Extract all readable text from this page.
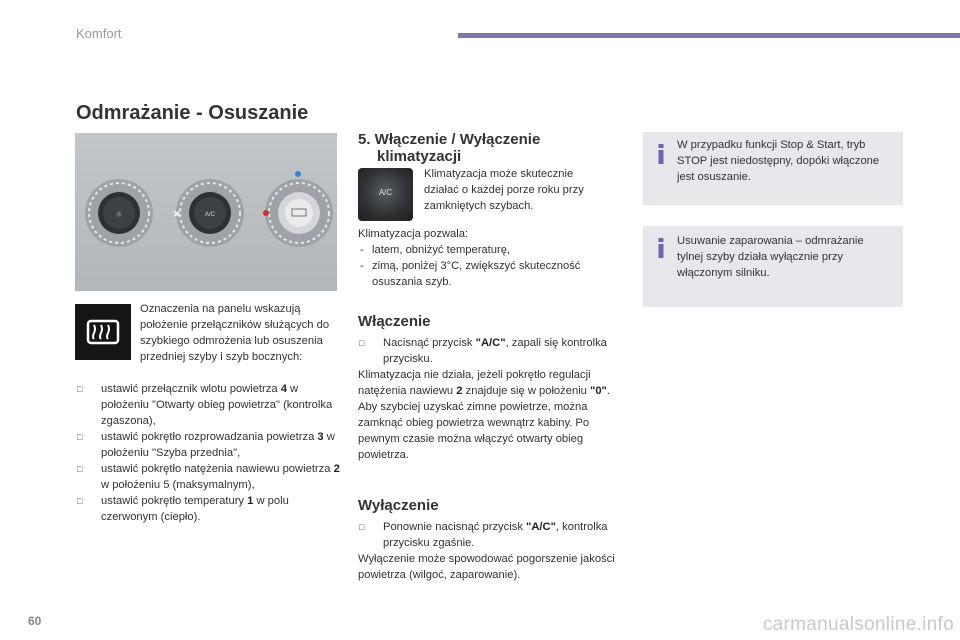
Komfort
Odmrażanie - Osuszanie
☼	A/C
✖
Oznaczenia na panelu wskazują położenie przełączników służących do szybkiego odmrożenia lub osuszenia przedniej szyby i szyb bocznych:
□ ustawić przełącznik wlotu powietrza 4 w położeniu "Otwarty obieg powietrza" (kontrolka zgaszona),
□ ustawić pokrętło rozprowadzania powietrza 3 w położeniu "Szyba przednia",
□ ustawić pokrętło natężenia nawiewu powietrza 2 w położeniu 5 (maksymalnym),
□ ustawić pokrętło temperatury 1 w polu czerwonym (ciepło).
5. Włączenie / Wyłączenie
klimatyzacji
A/C
Klimatyzacja może skutecznie działać o każdej porze roku przy zamkniętych szybach.
Klimatyzacja pozwala:
- latem, obniżyć temperaturę,
- zimą, poniżej 3°C, zwiększyć skuteczność osuszania szyb.
Włączenie
□ Nacisnąć przycisk "A/C", zapali się kontrolka przycisku.
Klimatyzacja nie działa, jeżeli pokrętło regulacji natężenia nawiewu 2 znajduje się w położeniu "0".
Aby szybciej uzyskać zimne powietrze, można zamknąć obieg powietrza wewnątrz kabiny. Po pewnym czasie można włączyć otwarty obieg powietrza.
Wyłączenie
□ Ponownie nacisnąć przycisk "A/C", kontrolka przycisku zgaśnie.
Wyłączenie może spowodować pogorszenie jakości powietrza (wilgoć, zaparowanie).
W przypadku funkcji Stop & Start, tryb STOP jest niedostępny, dopóki włączone jest osuszanie.
Usuwanie zaparowania – odmrażanie tylnej szyby działa wyłącznie przy włączonym silniku.
60	carmanualsonline.info
